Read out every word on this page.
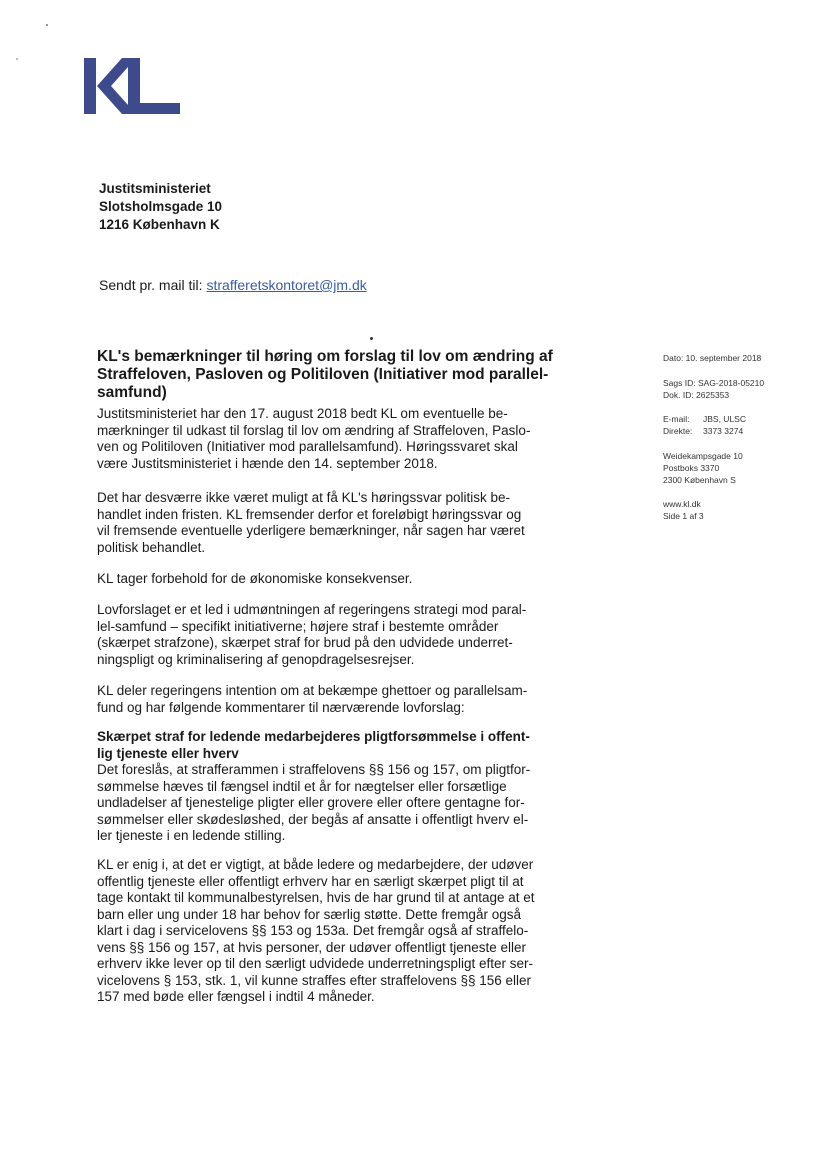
Justitsministeriet
Slotsholmsgade 10
1216 København K
Sendt pr. mail til: strafferetskontoret@jm.dk
KL's bemærkninger til høring om forslag til lov om ændring af
Straffeloven, Pasloven og Politiloven (Initiativer mod parallel-
samfund)
Dato: 10. september 2018
Sags ID: SAG-2018-05210
Dok. ID: 2625353
E-mail: JBS, ULSC
Direkte: 3373 3274
Weidekampsgade 10
Postboks 3370
2300 København S
www.kl.dk
Side 1 af 3
Justitsministeriet har den 17. august 2018 bedt KL om eventuelle be-
mærkninger til udkast til forslag til lov om ændring af Straffeloven, Paslo-
ven og Politiloven (Initiativer mod parallelsamfund). Høringssvaret skal
være Justitsministeriet i hænde den 14. september 2018.
Det har desværre ikke været muligt at få KL's høringssvar politisk be-
handlet inden fristen. KL fremsender derfor et foreløbigt høringssvar og
vil fremsende eventuelle yderligere bemærkninger, når sagen har været
politisk behandlet.
KL tager forbehold for de økonomiske konsekvenser.
Lovforslaget er et led i udmøntningen af regeringens strategi mod paral-
lel-samfund – specifikt initiativerne; højere straf i bestemte områder
(skærpet strafzone), skærpet straf for brud på den udvidede underret-
ningspligt og kriminalisering af genopdragelsesrejser.
KL deler regeringens intention om at bekæmpe ghettoer og parallelsam-
fund og har følgende kommentarer til nærværende lovforslag:
Skærpet straf for ledende medarbejderes pligtforsømmelse i offent-
lig tjeneste eller hverv
Det foreslås, at strafferammen i straffelovens §§ 156 og 157, om pligtfor-
sømmelse hæves til fængsel indtil et år for nægtelser eller forsætlige
undladelser af tjenestelige pligter eller grovere eller oftere gentagne for-
sømmelser eller skødesløshed, der begås af ansatte i offentligt hverv el-
ler tjeneste i en ledende stilling.
KL er enig i, at det er vigtigt, at både ledere og medarbejdere, der udøver
offentlig tjeneste eller offentligt erhverv har en særligt skærpet pligt til at
tage kontakt til kommunalbestyrelsen, hvis de har grund til at antage at et
barn eller ung under 18 har behov for særlig støtte. Dette fremgår også
klart i dag i servicelovens §§ 153 og 153a. Det fremgår også af straffelo-
vens §§ 156 og 157, at hvis personer, der udøver offentligt tjeneste eller
erhverv ikke lever op til den særligt udvidede underretningspligt efter ser-
vicelovens § 153, stk. 1, vil kunne straffes efter straffelovens §§ 156 eller
157 med bøde eller fængsel i indtil 4 måneder.
